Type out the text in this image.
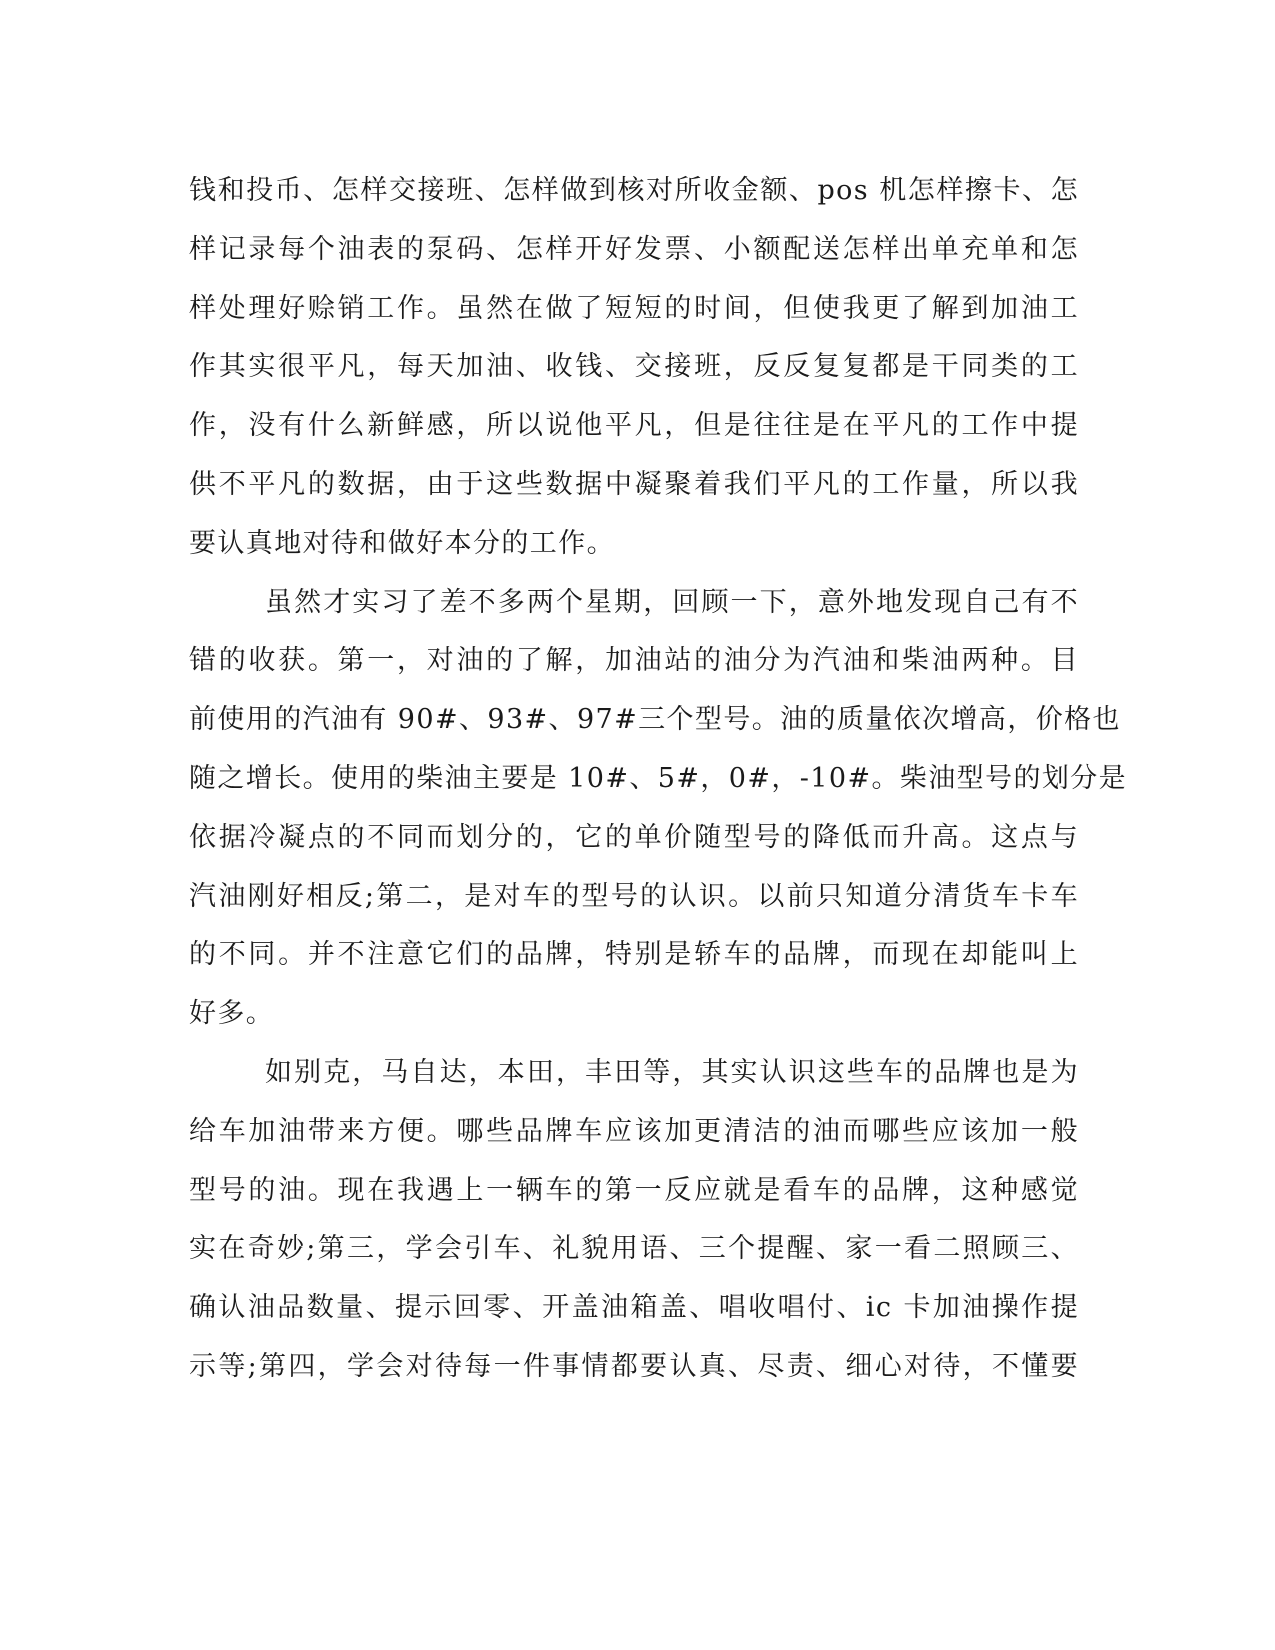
钱和投币、怎样交接班、怎样做到核对所收金额、pos 机怎样擦卡、怎
样记录每个油表的泵码、怎样开好发票、小额配送怎样出单充单和怎
样处理好赊销工作。虽然在做了短短的时间，但使我更了解到加油工
作其实很平凡，每天加油、收钱、交接班，反反复复都是干同类的工
作，没有什么新鲜感，所以说他平凡，但是往往是在平凡的工作中提
供不平凡的数据，由于这些数据中凝聚着我们平凡的工作量，所以我
要认真地对待和做好本分的工作。
虽然才实习了差不多两个星期，回顾一下，意外地发现自己有不
错的收获。第一，对油的了解，加油站的油分为汽油和柴油两种。目
前使用的汽油有 90#、93#、97#三个型号。油的质量依次增高，价格也
随之增长。使用的柴油主要是 10#、5#，0#，-10#。柴油型号的划分是
依据冷凝点的不同而划分的，它的单价随型号的降低而升高。这点与
汽油刚好相反;第二，是对车的型号的认识。以前只知道分清货车卡车
的不同。并不注意它们的品牌，特别是轿车的品牌，而现在却能叫上
好多。
如别克，马自达，本田，丰田等，其实认识这些车的品牌也是为
给车加油带来方便。哪些品牌车应该加更清洁的油而哪些应该加一般
型号的油。现在我遇上一辆车的第一反应就是看车的品牌，这种感觉
实在奇妙;第三，学会引车、礼貌用语、三个提醒、家一看二照顾三、
确认油品数量、提示回零、开盖油箱盖、唱收唱付、ic 卡加油操作提
示等;第四，学会对待每一件事情都要认真、尽责、细心对待，不懂要
